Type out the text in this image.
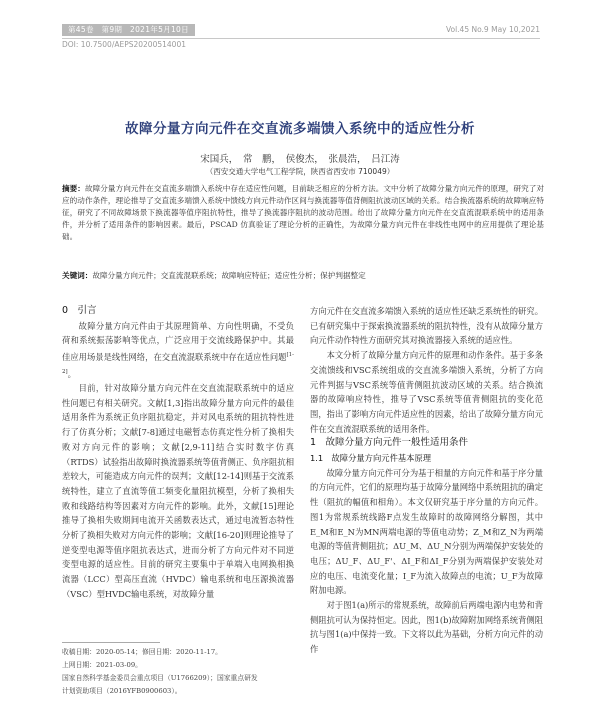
第45卷　第9期　2021年5月10日	Vol.45 No.9 May 10,2021
DOI: 10.7500/AEPS20200514001
故障分量方向元件在交直流多端馈入系统中的适应性分析
宋国兵，　常　鹏，　侯俊杰，　张晨浩，　吕江涛
（西安交通大学电气工程学院，陕西省西安市 710049）
摘要：故障分量方向元件在交直流多端馈入系统中存在适应性问题，目前缺乏相应的分析方法。文中分析了故障分量方向元件的原理，研究了对应的动作条件，理论推导了交直流多端馈入系统中馈线方向元件动作区间与换流器等值背侧阻抗波动区域的关系。结合换流器系统的故障响应特征，研究了不同故障场景下换流器等值序阻抗特性，推导了换流器序阻抗的波动范围。给出了故障分量方向元件在交直流混联系统中的适用条件，并分析了适用条件的影响因素。最后，PSCAD 仿真验证了理论分析的正确性，为故障分量方向元件在非线性电网中的应用提供了理论基础。
关键词：故障分量方向元件；交直流混联系统；故障响应特征；适应性分析；保护判据整定

0　引言

故障分量方向元件由于其原理简单、方向性明确，不受负荷和系统振荡影响等优点，广泛应用于交流线路保护中。其最佳应用场景是线性网络，在交直流混联系统中存在适应性问题[1-2]。

目前，针对故障分量方向元件在交直流混联系统中的适应性问题已有相关研究。文献[1,3]指出故障分量方向元件的最佳适用条件为系统正负序阻抗稳定，并对风电系统的阻抗特性进行了仿真分析；文献[7-8]通过电磁暂态仿真定性分析了换相失败对方向元件的影响；文献[2,9-11]结合实时数字仿真（RTDS）试验指出故障时换流器系统等值背侧正、负序阻抗相差较大，可能造成方向元件的误判；文献[12-14]则基于交流系统特性，建立了直流等值工频变化量阻抗模型，分析了换相失败和线路结构等因素对方向元件的影响。此外，文献[15]理论推导了换相失败期间电流开关函数表达式，通过电流暂态特性分析了换相失败对方向元件的影响；文献[16-20]则理论推导了逆变型电源等值序阻抗表达式，进而分析了方向元件对不同逆变型电源的适应性。目前的研究主要集中于单端入电网换相换流器（LCC）型高压直流（HVDC）输电系统和电压源换流器（VSC）型HVDC输电系统，对故障分量

收稿日期：2020-05-14；修回日期：2020-11-17。
上网日期：2021-03-09。
国家自然科学基金委员会重点项目（U1766209）；国家重点研发
计划资助项目（2016YFB0900603）。

方向元件在交直流多端馈入系统的适应性还缺乏系统性的研究。已有研究集中于探索换流器系统的阻抗特性，没有从故障分量方向元件动作特性方面研究其对换流器接入系统的适应性。

本文分析了故障分量方向元件的原理和动作条件。基于多条交流馈线和VSC系统组成的交直流多端馈入系统，分析了方向元件判据与VSC系统等值背侧阻抗波动区域的关系。结合换流器的故障响应特性，推导了VSC系统等值背侧阻抗的变化范围，指出了影响方向元件适应性的因素，给出了故障分量方向元件在交直流混联系统的适用条件。

1　故障分量方向元件一般性适用条件

1.1　故障分量方向元件基本原理

故障分量方向元件可分为基于相量的方向元件和基于序分量的方向元件，它们的原理均基于故障分量网络中系统阻抗的确定性（阻抗的幅值和相角）。本文仅研究基于序分量的方向元件。图1为常规系统线路F点发生故障时的故障网络分解图，其中E_M和E_N为MN两端电源的等值电动势；Z_M和Z_N为两端电源的等值背侧阻抗；ΔU_M、ΔU_N分别为两端保护安装处的电压；ΔU_F、ΔU_F'、ΔI_F和ΔI_F分别为两端保护安装处对应的电压、电流变化量；I_F为流入故障点的电流；U_F为故障附加电源。

对于图1(a)所示的常规系统，故障前后两端电源内电势和背侧阻抗可认为保持恒定。因此，图1(b)故障附加网络系统背侧阻抗与图1(a)中保持一致。下文将以此为基础，分析方向元件的动作
